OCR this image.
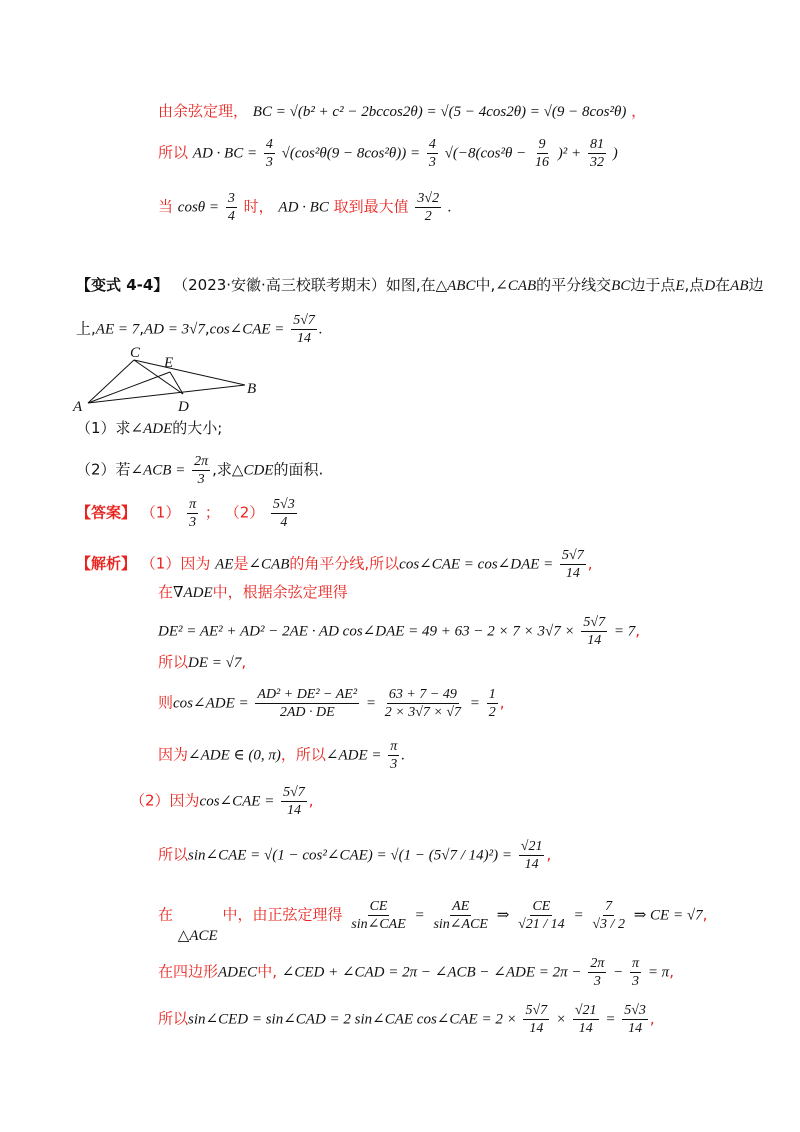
由余弦定理， BC = √(b² + c² − 2bccos2θ) = √(5 − 4cos2θ) = √(9 − 8cos²θ) ，
所以 AD · BC = $\frac{4}{3} √(\cos^2\theta(9 - 8\cos^2\theta)) = \frac{4}{3} √(-8(\cos^2\theta - \frac{9}{16} )^2 + \frac{81}{32}$ )
当 $\cos\theta = \frac{3}{4}$ 时， AD · BC 取到最大值 $\frac{3√2}{2}$ .
【变式 4-4】 （2023·安徽·高三校联考期末）如图,在△ABC中,∠CAB的平分线交BC边于点E,点D在AB边
上,AE = 7,AD = 3√7,cos∠CAE = $\frac{5√7}{14}$ .
C
E
A	D
B
（1）求∠ADE的大小;
（2）若∠ACB = $\frac{2\pi}{3}$ ,求△CDE的面积.
【答案】 $(1) \frac{\pi}{3}$ ； $(2) \frac{5√3}{4}$
【解析】 （1）因为 AE是∠CAB的角平分线,所以cos∠CAE = cos∠DAE = $\frac{5√7}{14}$ ,
在∇ADE中，根据余弦定理得
DE² = AE² + AD² − 2AE · AD cos∠DAE = $49 + 63 - 2 \times 7 \times 3√7 \times \frac{5√7}{14} = 7$,
所以DE = √7,
则cos∠ADE = $\frac{\text{AD² + DE² − AE²}}{2AD \cdot DE} = \frac{63 + 7 - 49}{2 \times 3√7 \times √7} = \frac{1}{2}$ ,
因为∠ADE ∈ (0, π)，所以∠ADE = $\frac{\pi}{3}$ .
（2）因为cos∠CAE = $\frac{5√7}{14}$ ,
所以sin∠CAE = √(1 − cos²∠CAE) = $√(1 - (5√7 / 14)^2) = \frac{√21}{14}$ ,
在 △ACE 中，由正弦定理得 $\frac{CE}{\text{sin∠CAE}} = \frac{AE}{\text{sin∠ACE}}$ ⇒ $\frac{CE}{√21 / 14} = \frac{7}{√3 / 2}$ ⇒ CE = √7,
在四边形ADEC中, ∠CED + ∠CAD = 2π − ∠ACB − ∠ADE = $2\pi - \frac{2\pi}{3} - \frac{\pi}{3} = \pi$,
所以sin∠CED = sin∠CAD = 2 sin∠CAE cos∠CAE = $2 \times \frac{5√7}{14} \times \frac{√21}{14} = \frac{5√3}{14}$ ,
